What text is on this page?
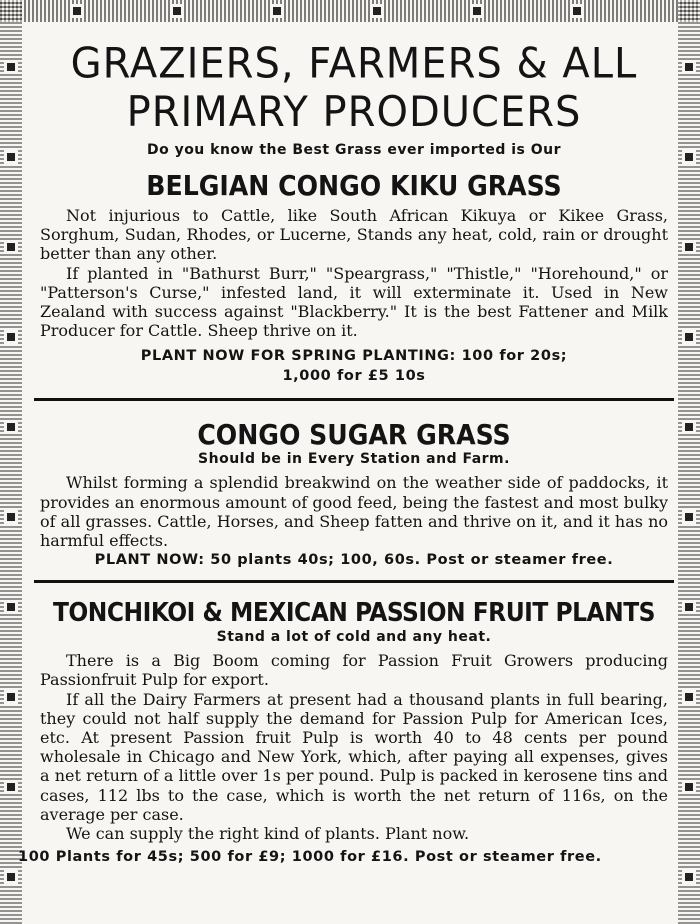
GRAZIERS, FARMERS & ALL PRIMARY PRODUCERS

Do you know the Best Grass ever imported is Our

BELGIAN CONGO KIKU GRASS

Not injurious to Cattle, like South African Kikuya or Kikee Grass, Sorghum, Sudan, Rhodes, or Lucerne, Stands any heat, cold, rain or drought better than any other.

If planted in "Bathurst Burr," "Speargrass," "Thistle," "Horehound," or "Patterson's Curse," infested land, it will exterminate it. Used in New Zealand with success against "Blackberry." It is the best Fattener and Milk Producer for Cattle. Sheep thrive on it.

PLANT NOW FOR SPRING PLANTING: 100 for 20s;

1,000 for £5 10s

CONGO SUGAR GRASS

Should be in Every Station and Farm.

Whilst forming a splendid breakwind on the weather side of paddocks, it provides an enormous amount of good feed, being the fastest and most bulky of all grasses. Cattle, Horses, and Sheep fatten and thrive on it, and it has no harmful effects.

PLANT NOW: 50 plants 40s; 100, 60s. Post or steamer free.

TONCHIKOI & MEXICAN PASSION FRUIT PLANTS

Stand a lot of cold and any heat.

There is a Big Boom coming for Passion Fruit Growers producing Passionfruit Pulp for export.

If all the Dairy Farmers at present had a thousand plants in full bearing, they could not half supply the demand for Passion Pulp for American Ices, etc. At present Passion fruit Pulp is worth 40 to 48 cents per pound wholesale in Chicago and New York, which, after paying all expenses, gives a net return of a little over 1s per pound. Pulp is packed in kerosene tins and cases, 112 lbs to the case, which is worth the net return of 116s, on the average per case.

We can supply the right kind of plants. Plant now.

100 Plants for 45s; 500 for £9; 1000 for £16. Post or steamer free.
